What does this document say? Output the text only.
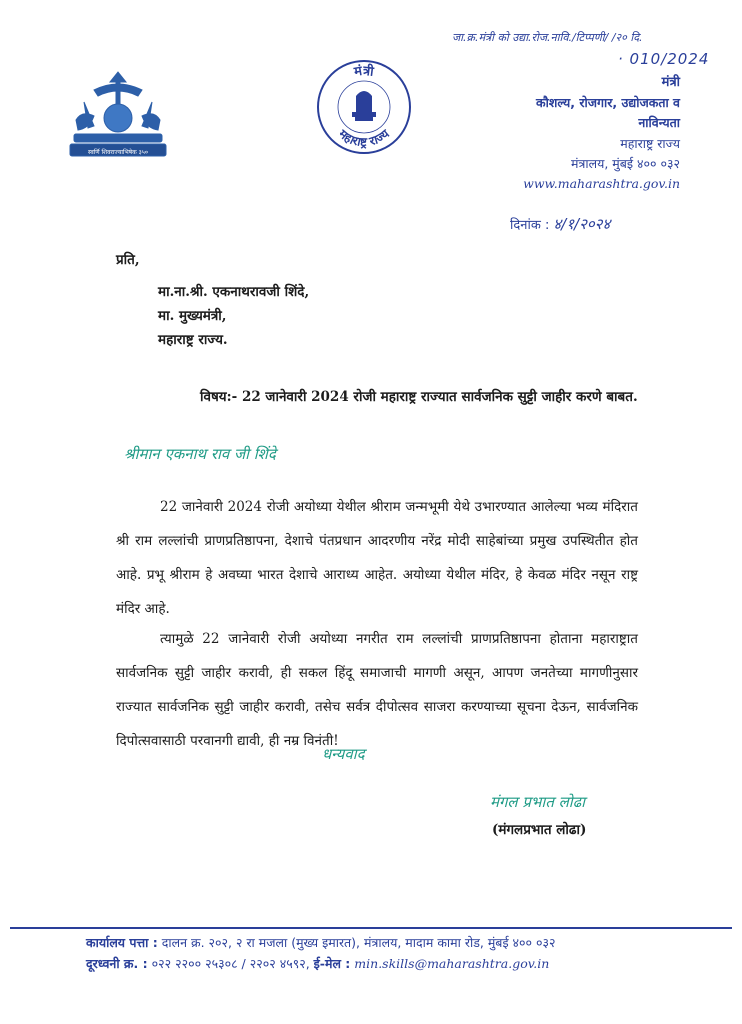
जा.क्र.मंत्री को उद्या.रोज.नावि./टिप्पणी/ /२० दि.
· 010/2024
स्वर्णि शिवराज्याभिषेक ३५०
मंत्री
महाराष्ट्र राज्य
मंत्री
कौशल्य, रोजगार, उद्योजकता व
नाविन्यता
महाराष्ट्र राज्य
मंत्रालय, मुंबई ४०० ०३२
www.maharashtra.gov.in
दिनांक : ४/१/२०२४
प्रति,
मा.ना.श्री. एकनाथरावजी शिंदे,
मा. मुख्यमंत्री,
महाराष्ट्र राज्य.
विषय:- 22 जानेवारी 2024 रोजी महाराष्ट्र राज्यात सार्वजनिक सुट्टी जाहीर करणे बाबत.
श्रीमान एकनाथ राव जी शिंदे
22 जानेवारी 2024 रोजी अयोध्या येथील श्रीराम जन्मभूमी येथे उभारण्यात आलेल्या भव्य मंदिरात श्री राम लल्लांची प्राणप्रतिष्ठापना, देशाचे पंतप्रधान आदरणीय नरेंद्र मोदी साहेबांच्या प्रमुख उपस्थितीत होत आहे. प्रभू श्रीराम हे अवघ्या भारत देशाचे आराध्य आहेत. अयोध्या येथील मंदिर, हे केवळ मंदिर नसून राष्ट्र मंदिर आहे.
त्यामुळे 22 जानेवारी रोजी अयोध्या नगरीत राम लल्लांची प्राणप्रतिष्ठापना होताना महाराष्ट्रात सार्वजनिक सुट्टी जाहीर करावी, ही सकल हिंदू समाजाची मागणी असून, आपण जनतेच्या मागणीनुसार राज्यात सार्वजनिक सुट्टी जाहीर करावी, तसेच सर्वत्र दीपोत्सव साजरा करण्याच्या सूचना देऊन, सार्वजनिक दिपोत्सवासाठी परवानगी द्यावी, ही नम्र विनंती!
धन्यवाद
मंगल प्रभात लोढा
(मंगलप्रभात लोढा)
कार्यालय पत्ता : दालन क्र. २०२, २ रा मजला (मुख्य इमारत), मंत्रालय, मादाम कामा रोड, मुंबई ४०० ०३२
दूरध्वनी क्र. : ०२२ २२०० २५३०८ / २२०२ ४५९२, ई-मेल : min.skills@maharashtra.gov.in
